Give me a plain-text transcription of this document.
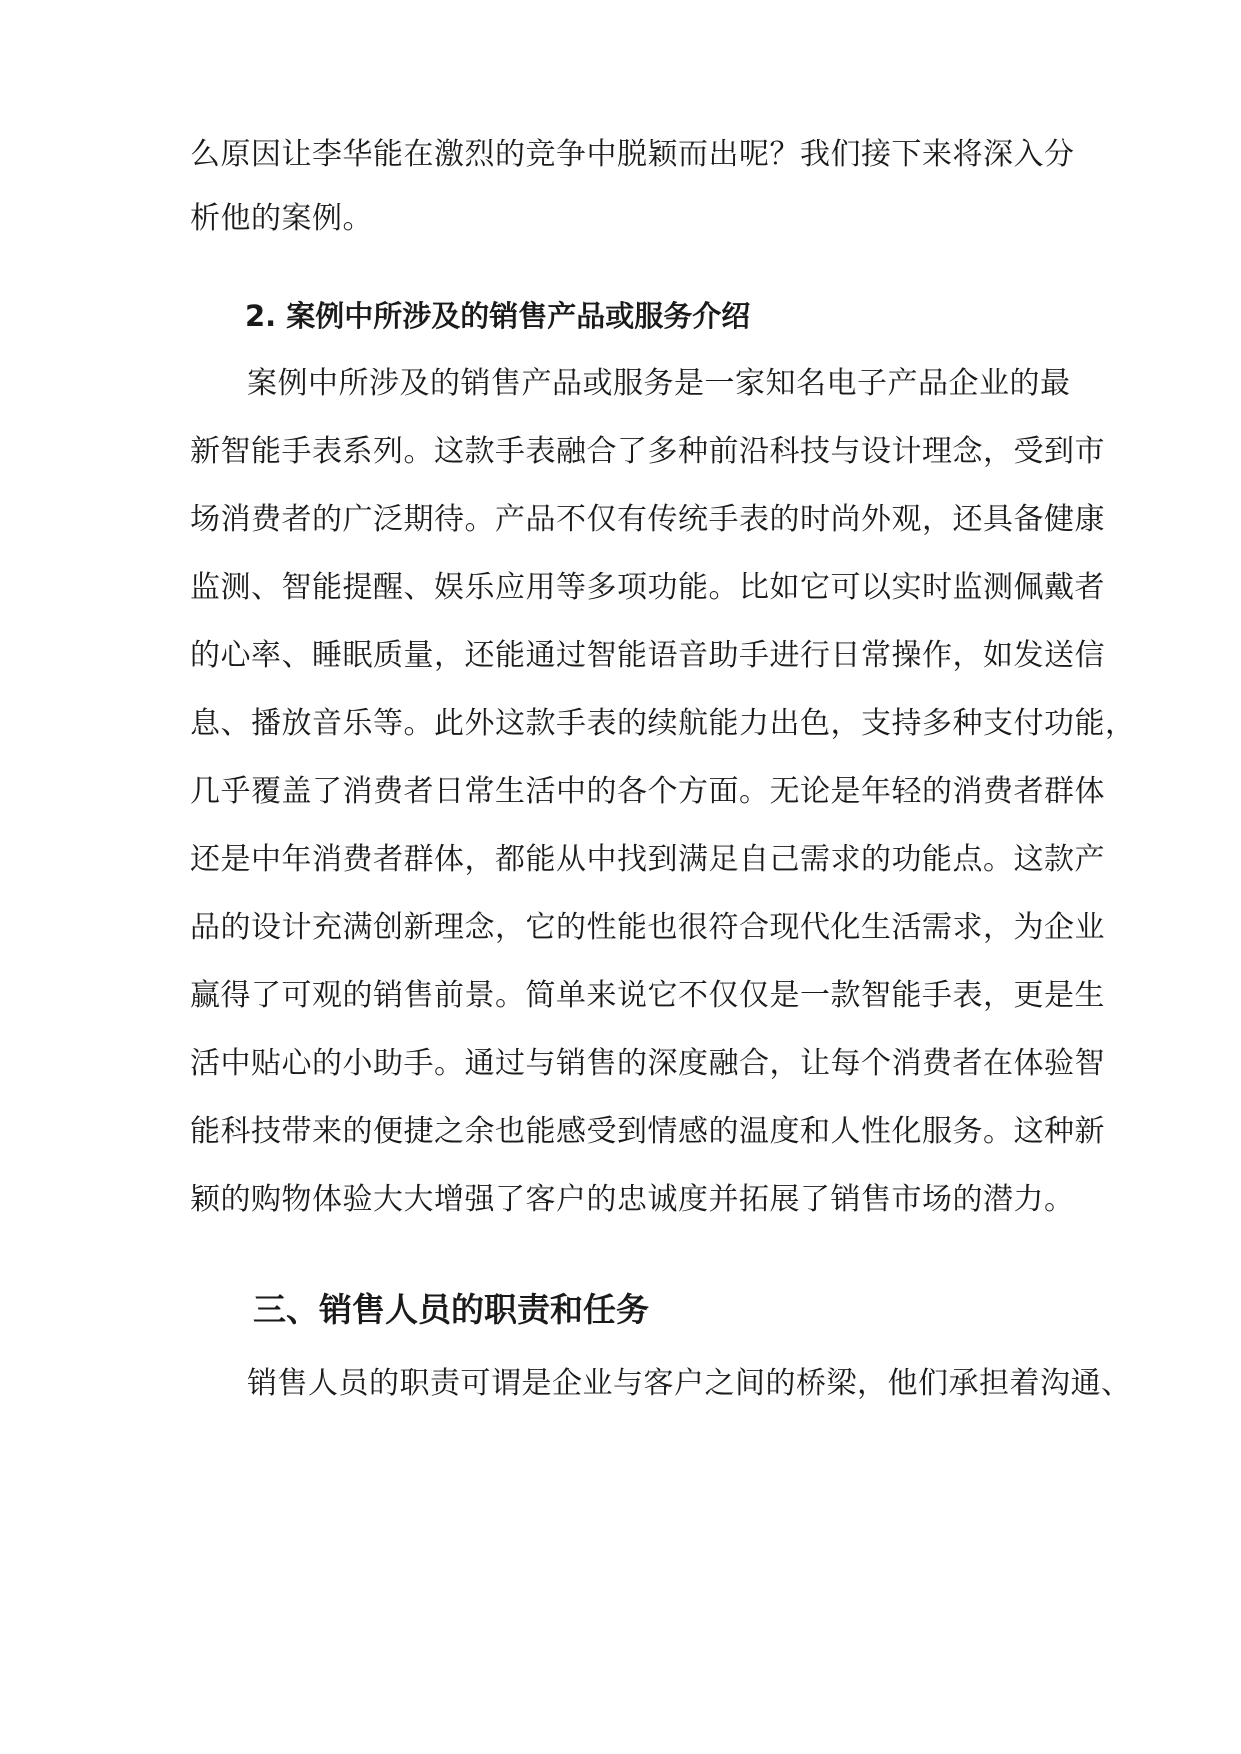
么原因让李华能在激烈的竞争中脱颖而出呢？我们接下来将深入分
析他的案例。
2. 案例中所涉及的销售产品或服务介绍
案例中所涉及的销售产品或服务是一家知名电子产品企业的最
新智能手表系列。这款手表融合了多种前沿科技与设计理念，受到市
场消费者的广泛期待。产品不仅有传统手表的时尚外观，还具备健康
监测、智能提醒、娱乐应用等多项功能。比如它可以实时监测佩戴者
的心率、睡眠质量，还能通过智能语音助手进行日常操作，如发送信
息、播放音乐等。此外这款手表的续航能力出色，支持多种支付功能，
几乎覆盖了消费者日常生活中的各个方面。无论是年轻的消费者群体
还是中年消费者群体，都能从中找到满足自己需求的功能点。这款产
品的设计充满创新理念，它的性能也很符合现代化生活需求，为企业
赢得了可观的销售前景。简单来说它不仅仅是一款智能手表，更是生
活中贴心的小助手。通过与销售的深度融合，让每个消费者在体验智
能科技带来的便捷之余也能感受到情感的温度和人性化服务。这种新
颖的购物体验大大增强了客户的忠诚度并拓展了销售市场的潜力。
三、销售人员的职责和任务
销售人员的职责可谓是企业与客户之间的桥梁，他们承担着沟通、
